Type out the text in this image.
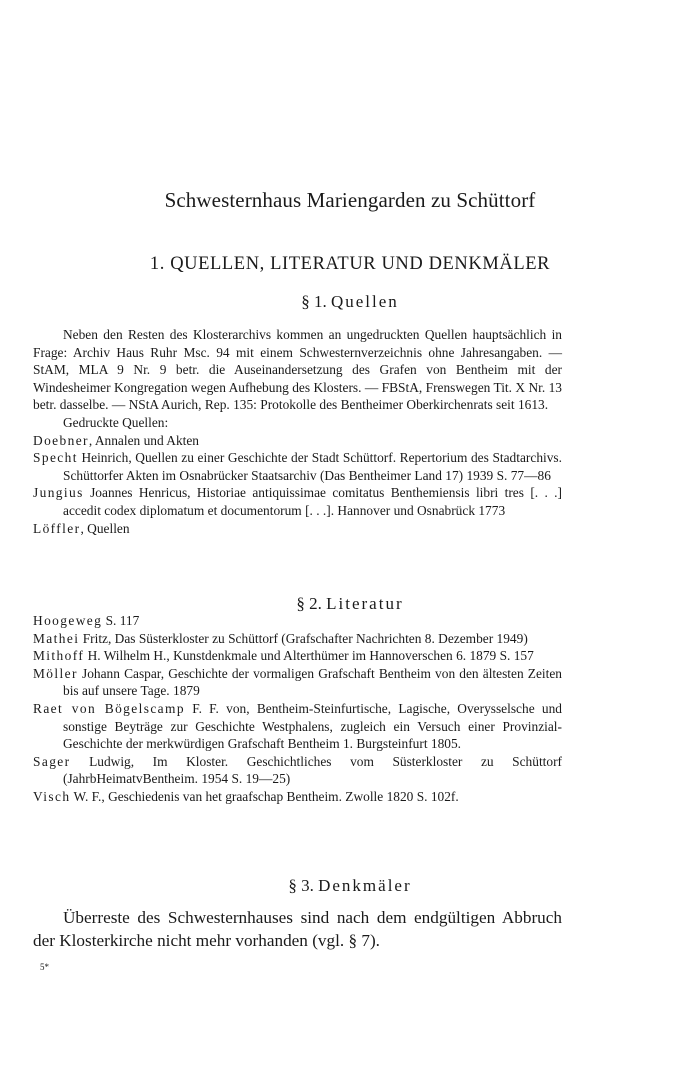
Schwesternhaus Mariengarden zu Schüttorf
1. QUELLEN, LITERATUR UND DENKMÄLER
§ 1. Quellen

Neben den Resten des Klosterarchivs kommen an ungedruckten Quellen hauptsächlich in Frage: Archiv Haus Ruhr Msc. 94 mit einem Schwesternverzeichnis ohne Jahresangaben. — StAM, MLA 9 Nr. 9 betr. die Auseinandersetzung des Grafen von Bentheim mit der Windesheimer Kongregation wegen Aufhebung des Klosters. — FBStA, Frenswegen Tit. X Nr. 13 betr. dasselbe. — NStA Aurich, Rep. 135: Protokolle des Bentheimer Oberkirchenrats seit 1613.

Gedruckte Quellen:

Doebner, Annalen und Akten

Specht Heinrich, Quellen zu einer Geschichte der Stadt Schüttorf. Repertorium des Stadtarchivs. Schüttorfer Akten im Osnabrücker Staatsarchiv (Das Bentheimer Land 17) 1939 S. 77—86

Jungius Joannes Henricus, Historiae antiquissimae comitatus Benthemiensis libri tres [. . .] accedit codex diplomatum et documentorum [. . .]. Hannover und Osnabrück 1773

Löffler, Quellen

§ 2. Literatur

Hoogeweg S. 117

Mathei Fritz, Das Süsterkloster zu Schüttorf (Grafschafter Nachrichten 8. Dezember 1949)

Mithoff H. Wilhelm H., Kunstdenkmale und Alterthümer im Hannoverschen 6. 1879 S. 157

Möller Johann Caspar, Geschichte der vormaligen Grafschaft Bentheim von den ältesten Zeiten bis auf unsere Tage. 1879

Raet von Bögelscamp F. F. von, Bentheim-Steinfurtische, Lagische, Overysselsche und sonstige Beyträge zur Geschichte Westphalens, zugleich ein Versuch einer Provinzial-Geschichte der merkwürdigen Grafschaft Bentheim 1. Burgsteinfurt 1805.

Sager Ludwig, Im Kloster. Geschichtliches vom Süsterkloster zu Schüttorf (JahrbHeimatvBentheim. 1954 S. 19—25)

Visch W. F., Geschiedenis van het graafschap Bentheim. Zwolle 1820 S. 102f.

§ 3. Denkmäler

Überreste des Schwesternhauses sind nach dem endgültigen Abbruch der Klosterkirche nicht mehr vorhanden (vgl. § 7).

5*
